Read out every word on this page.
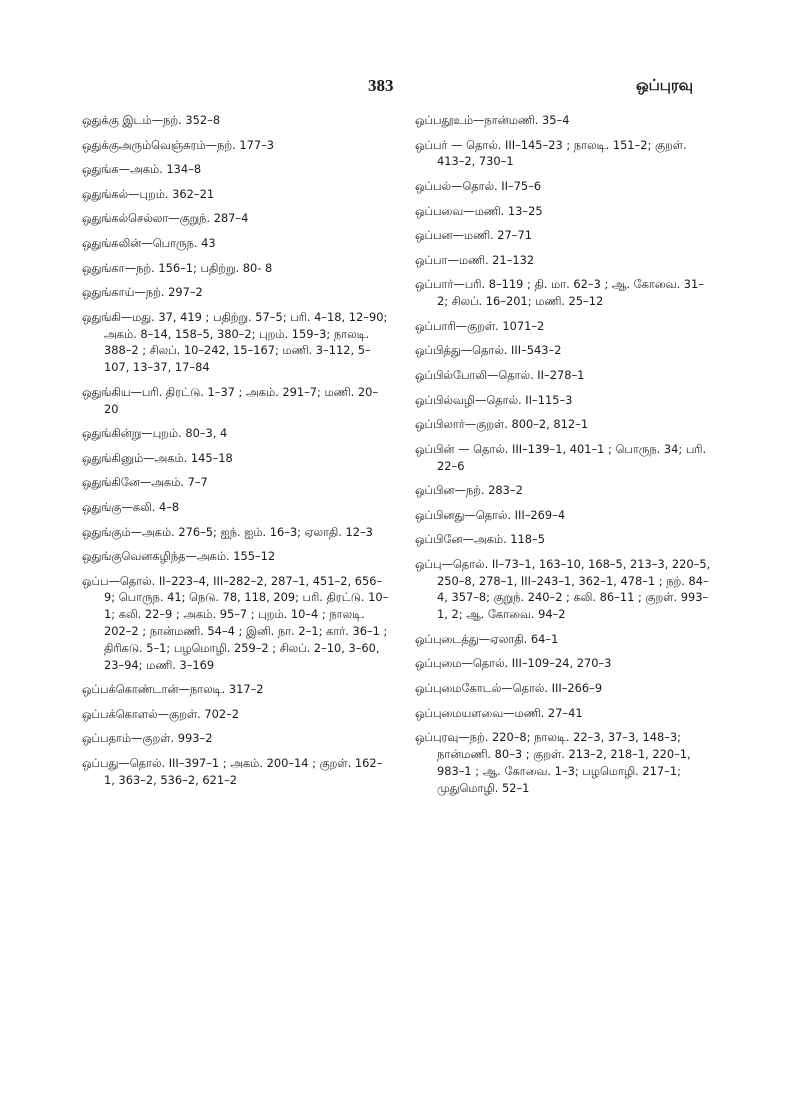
383	ஒப்புரவு
ஒதுக்கு இடம்—நற். 352–8
ஒதுக்குஅரும்வெஞ்சுரம்—நற். 177–3
ஒதுங்க—அகம். 134–8
ஒதுங்கல்—புறம். 362–21
ஒதுங்கல்செல்லா—குறுந். 287–4
ஒதுங்கலின்—பொருந. 43
ஒதுங்கா—நற். 156–1; பதிற்று. 80- 8
ஒதுங்காய்—நற். 297–2
ஒதுங்கி—மது. 37, 419 ; பதிற்று. 57–5; பரி. 4–18, 12–90; அகம். 8–14, 158–5, 380–2; புறம். 159–3; நாலடி. 388–2 ; சிலப். 10–242, 15–167; மணி. 3–112, 5–107, 13–37, 17–84
ஒதுங்கிய—பரி. திரட்டு. 1–37 ; அகம். 291–7; மணி. 20–20
ஒதுங்கின்று—புறம். 80–3, 4
ஒதுங்கினும்—அகம். 145–18
ஒதுங்கினே—அகம். 7–7
ஒதுங்கு—கலி. 4–8
ஒதுங்கும்—அகம். 276–5; ஐந். ஐம். 16–3; ஏலாதி. 12–3
ஒதுங்குவெனகழிந்த—அகம். 155–12
ஒப்ப—தொல். II–223–4, III–282–2, 287–1, 451–2, 656–9; பொருந. 41; நெடு. 78, 118, 209; பரி. திரட்டு. 10–1; கலி. 22–9 ; அகம். 95–7 ; புறம். 10–4 ; நாலடி. 202–2 ; நான்மணி. 54–4 ; இனி. நா. 2–1; கார். 36–1 ; திரிகடு. 5–1; பழமொழி. 259–2 ; சிலப். 2–10, 3–60, 23–94; மணி. 3–169
ஒப்பக்கொண்டான்—நாலடி. 317–2
ஒப்பக்கொளல்—குறள். 702–2
ஒப்பதாம்—குறள். 993–2
ஒப்பது—தொல். III–397–1 ; அகம். 200–14 ; குறள். 162–1, 363–2, 536–2, 621–2
ஒப்பதூஉம்—நான்மணி. 35–4
ஒப்பர் — தொல். III–145–23 ; நாலடி. 151–2; குறள். 413–2, 730–1
ஒப்பல்—தொல். II–75–6
ஒப்பவை—மணி. 13–25
ஒப்பன—மணி. 27–71
ஒப்பா—மணி. 21–132
ஒப்பார்—பரி. 8–119 ; தி. மா. 62–3 ; ஆ. கோவை. 31–2; சிலப். 16–201; மணி. 25–12
ஒப்பாரி—குறள். 1071–2
ஒப்பித்து—தொல். III–543–2
ஒப்பில்போலி—தொல். II–278–1
ஒப்பில்வழி—தொல். II–115–3
ஒப்பிலார்—குறள். 800–2, 812–1
ஒப்பின் — தொல். III–139–1, 401–1 ; பொருந. 34; பரி. 22–6
ஒப்பின—நற். 283–2
ஒப்பினது—தொல். III–269–4
ஒப்பினே—அகம். 118–5
ஒப்பு—தொல். II–73–1, 163–10, 168–5, 213–3, 220–5, 250–8, 278–1, III–243–1, 362–1, 478–1 ; நற். 84–4, 357–8; குறுந். 240–2 ; கலி. 86–11 ; குறள். 993–1, 2; ஆ. கோவை. 94–2
ஒப்புடைத்து—ஏலாதி. 64–1
ஒப்புமை—தொல். III–109–24, 270–3
ஒப்புமைகோடல்—தொல். III–266–9
ஒப்புமையளவை—மணி. 27–41
ஒப்புரவு—நற். 220–8; நாலடி. 22–3, 37–3, 148–3; நான்மணி. 80–3 ; குறள். 213–2, 218–1, 220–1, 983–1 ; ஆ. கோவை. 1–3; பழமொழி. 217–1; முதுமொழி. 52–1
